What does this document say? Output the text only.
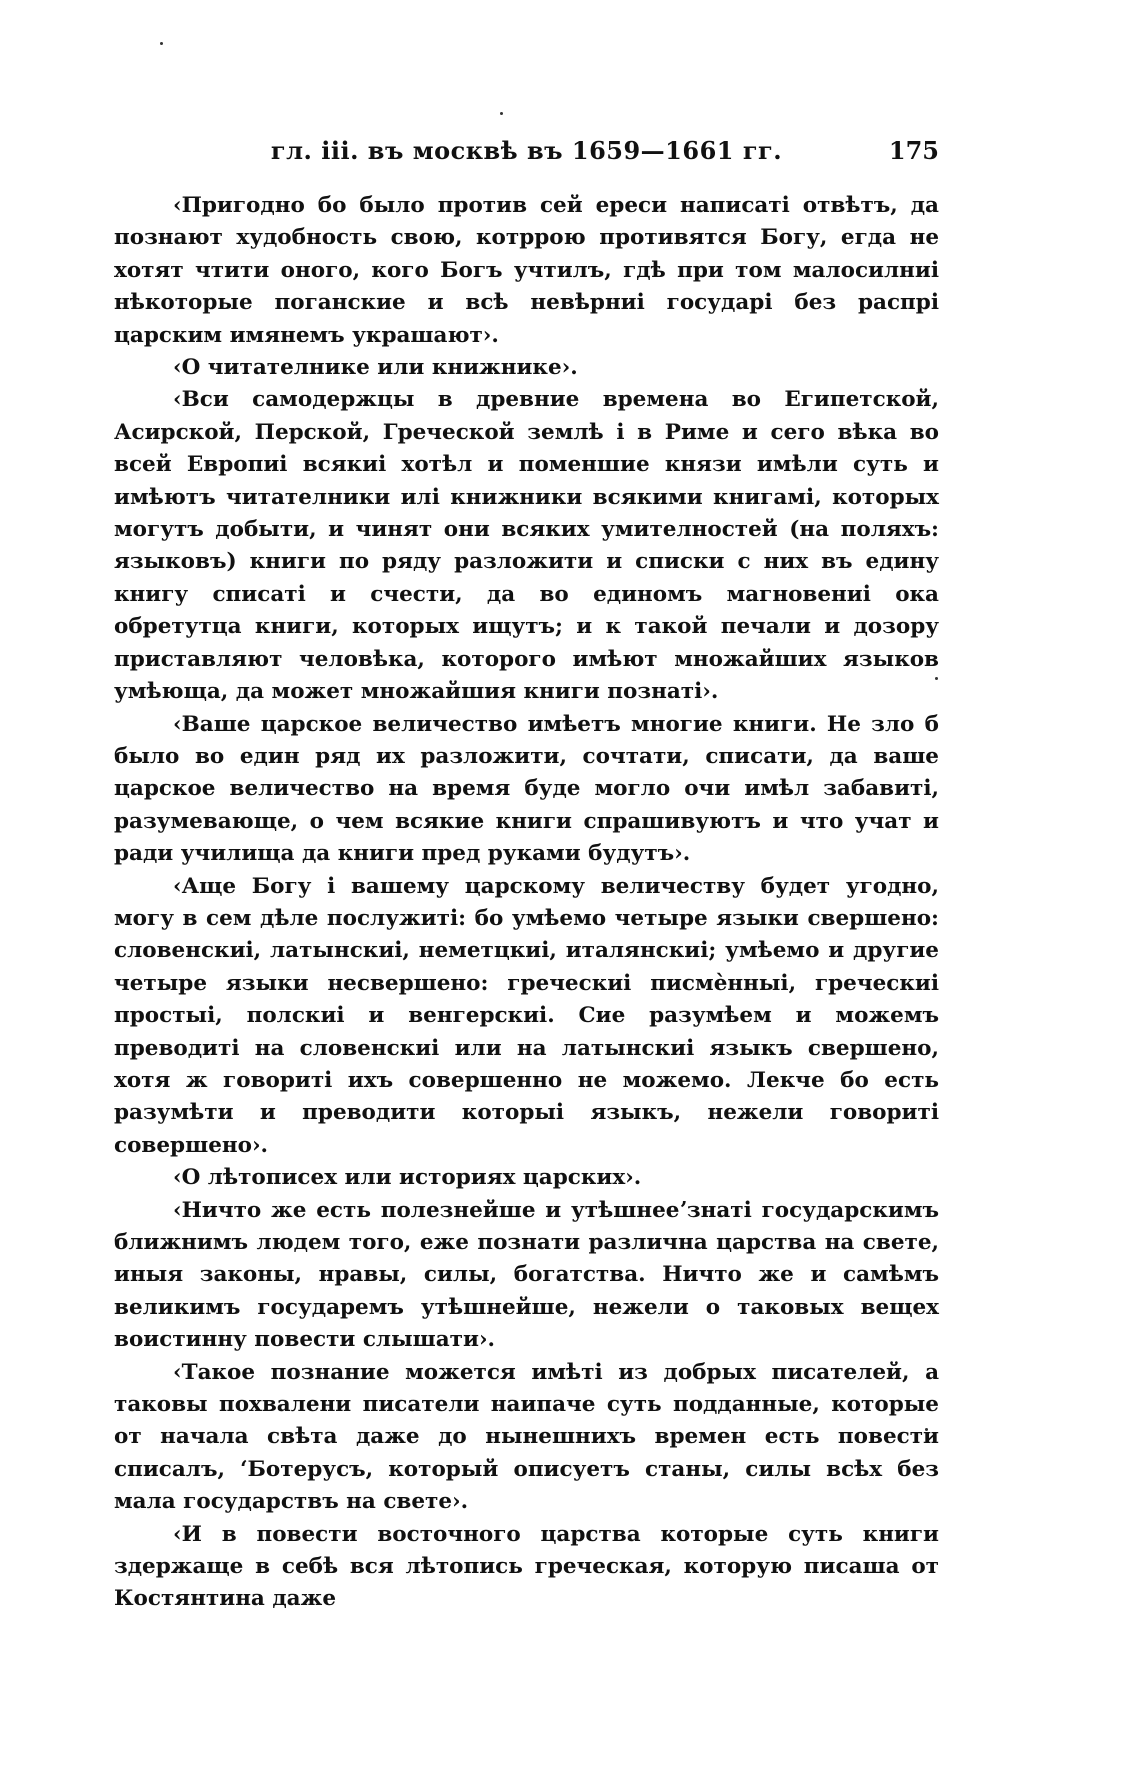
гл. ііі. въ москвѣ въ 1659—1661 гг.	175

‹Пригодно бо было против сей ереси написаті отвѣтъ, да познают худобность свою, котррою противятся Богу, егда не хотят чтити оного, кого Богъ учтилъ, гдѣ при том малосилниі нѣкоторые поганские и всѣ невѣрниі государі без распрі царским имянемъ украшают›.

‹О читателнике или книжнике›.

‹Вси самодержцы в древние времена во Египетской, Асирской, Перской, Греческой землѣ і в Риме и сего вѣка во всей Европиі всякиі хотѣл и поменшие князи имѣли суть и имѣютъ читателники илі книжники всякими книгамі, которых могутъ добыти, и чинят они всяких умителностей (на поляхъ: языковъ) книги по ряду разложити и списки с них въ едину книгу списаті и счести, да во единомъ магновениі ока обретутца книги, которых ищутъ; и к такой печали и дозору приставляют человѣка, которого имѣют множайших языков умѣюща, да может множайшия книги познаті›.

‹Ваше царское величество имѣетъ многие книги. Не зло б было во един ряд их разложити, сочтати, списати, да ваше царское величество на время буде могло очи имѣл забавиті, разумевающе, о чем всякие книги спрашивуютъ и что учат и ради училища да книги пред руками будутъ›.

‹Аще Богу і вашему царскому величеству будет угодно, могу в сем дѣле послужиті: бо умѣемо четыре языки свершено: словенскиі, латынскиі, неметцкиі, италянскиі; умѣемо и другие четыре языки несвершено: греческиі писмѐнныі, греческиі простыі, полскиі и венгерскиі. Сие разумѣем и можемъ преводиті на словенскиі или на латынскиі языкъ свершено, хотя ж говориті ихъ совершенно не можемо. Лекче бо есть разумѣти и преводити которыі языкъ, нежели говориті совершено›.

‹О лѣтописех или историях царских›.

‹Ничто же есть полезнейше и утѣшнееʼзнаті государскимъ ближнимъ людем того, еже познати различна царства на свете, иныя законы, нравы, силы, богатства. Ничто же и самѣмъ великимъ государемъ утѣшнейше, нежели о таковых вещех воистинну повести слышати›.

‹Такое познание можется имѣті из добрых писателей, а таковы похвалени писатели наипаче суть подданные, которые от начала свѣта даже до нынешнихъ времен есть повести списалъ, ʻБотерусъ, который описуетъ станы, силы всѣх без мала государствъ на свете›.

‹И в повести восточного царства которые суть книги здержаще в себѣ вся лѣтопись греческая, которую писаша от Костянтина даже
